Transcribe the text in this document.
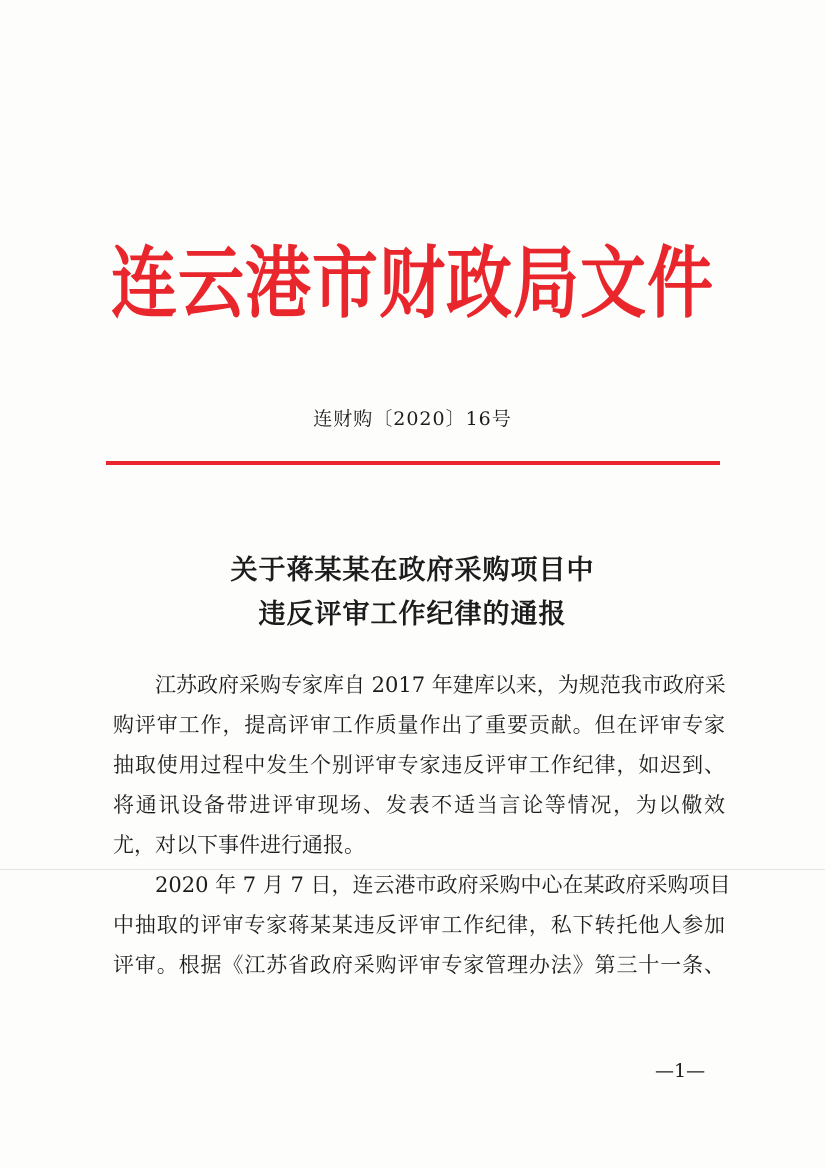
连云港市财政局文件
连财购〔2020〕16号
关于蒋某某在政府采购项目中
违反评审工作纪律的通报
江苏政府采购专家库自 2017 年建库以来，为规范我市政府采
购评审工作，提高评审工作质量作出了重要贡献。但在评审专家
抽取使用过程中发生个别评审专家违反评审工作纪律，如迟到、
将通讯设备带进评审现场、发表不适当言论等情况，为以儆效
尤，对以下事件进行通报。
2020 年 7 月 7 日，连云港市政府采购中心在某政府采购项目
中抽取的评审专家蒋某某违反评审工作纪律，私下转托他人参加
评审。根据《江苏省政府采购评审专家管理办法》第三十一条、
—1—
